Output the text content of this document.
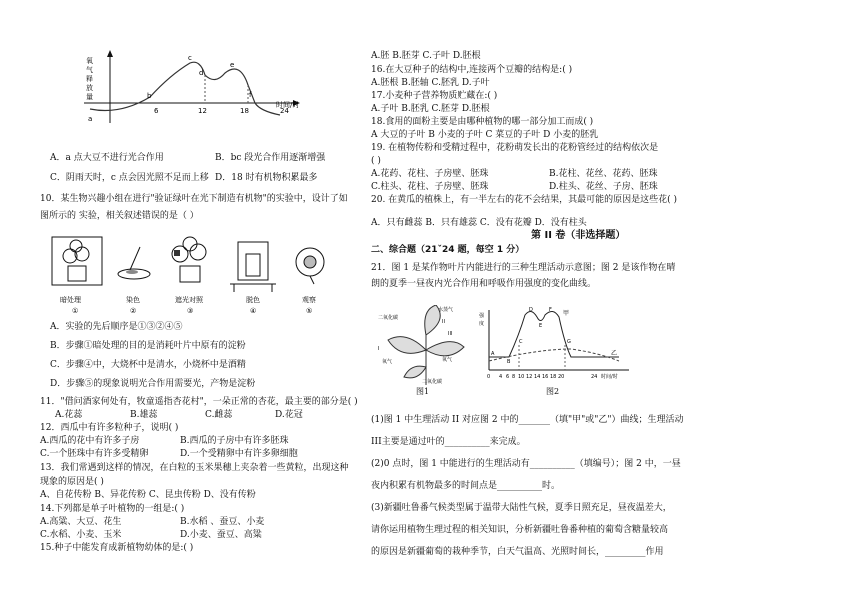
a
b
c
d
e
f
6	12	18	24
时间/时
氧
气
释
放
量
A．a 点大豆不进行光合作用	B．bc 段光合作用逐渐增强
C．阴雨天时，c 点会因光照不足而上移 D．18 时有机物积累最多
10．某生物兴趣小组在进行"验证绿叶在光下制造有机物"的实验中，设计了如
图所示的 实验，相关叙述错误的是（ ）
暗处理
①
染色
②
遮光对照
③
脱色
④
观察
⑤
A．实验的先后顺序是①③②④⑤
B．步骤①暗处理的目的是消耗叶片中原有的淀粉
C．步骤④中，大烧杯中是清水，小烧杯中是酒精
D．步骤⑤的现象说明光合作用需要光，产物是淀粉
11．"借问酒家何处有，牧童遥指杏花村"，一朵正常的杏花，最主要的部分是( )
A.花蕊	B.雄蕊	C.雌蕊	D.花冠
12．西瓜中有许多粒种子，说明( )
A.西瓜的花中有许多子房	B.西瓜的子房中有许多胚珠
C.一个胚珠中有许多受精卵	D.一个受精卵中有许多卵细胞
13．我们常遇到这样的情况，在白粒的玉米果穗上夹杂着一些黄粒，出现这种
现象的原因是( )
A、自花传粉 B、异花传粉 C、昆虫传粉 D、没有传粉
14.下列都是单子叶植物的一组是:( )
A.高粱、大豆、花生	B.水稻 、蚕豆、小麦
C.水稻、小麦、玉米	D.小麦、蚕豆、高粱
15.种子中能发育成新植物幼体的是:( )
A.胚 B.胚芽 C.子叶 D.胚根
16.在大豆种子的结构中,连接两个豆瓣的结构是:( )
A.胚根 B.胚轴 C.胚乳 D.子叶
17.小麦种子营养物质贮藏在:( )
A.子叶 B.胚乳 C.胚芽 D.胚根
18.食用的面粉主要是由哪种植物的哪一部分加工而成( )
A 大豆的子叶 B 小麦的子叶 C 菜豆的子叶 D 小麦的胚乳
19. 在植物传粉和受精过程中，花粉萌发长出的花粉管经过的结构依次是
( )
A.花药、花柱、子房壁、胚珠	B.花柱、花丝、花药、胚珠
C.柱头、花柱、子房壁、胚珠	D.柱头、花丝、子房、胚珠
20. 在黄瓜的植株上，有一半左右的花不会结果，其最可能的原因是这些花( )
A．只有雌蕊 B．只有雄蕊 C．没有花瓣 D．没有柱头
第 II 卷（非选择题）
二、综合题（21ˇ24 题，每空 1 分）
21．图 1 是某作物叶片内能进行的三种生理活动示意图；图 2 是该作物在晴
朗的夏季一昼夜内光合作用和呼吸作用强度的变化曲线。
二氧化碳
水蒸气
II
III
I
氧气	氧气
二氧化碳
图1
强
度
甲
乙
A
B
C
D
E
F
G
0 4 6 8 10 12 14 16 18 20	24 时间/时
图2
(1)图 1 中生理活动 II 对应图 2 中的_______（填"甲"或"乙"）曲线；生理活动
III主要是通过叶的__________来完成。
(2)0 点时，图 1 中能进行的生理活动有__________（填编号）；图 2 中，一昼
夜内积累有机物最多的时间点是__________时。
(3)新疆吐鲁番气候类型属于温带大陆性气候，夏季日照充足，昼夜温差大，
请你运用植物生理过程的相关知识，分析新疆吐鲁番种植的葡萄含糖量较高
的原因是新疆葡萄的栽种季节，白天气温高、光照时间长，_________作用
